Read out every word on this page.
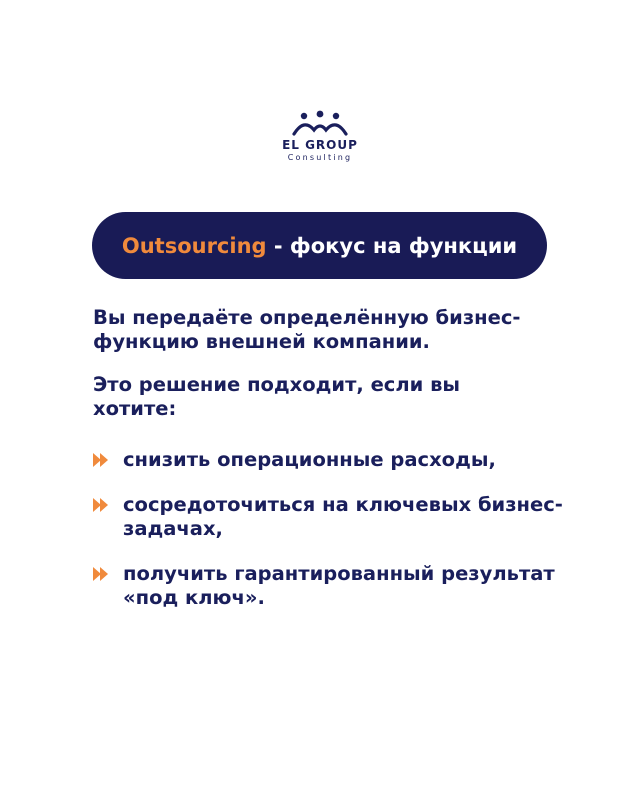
EL GROUP
Consulting
Outsourcing - фокус на функции
Вы передаёте определённую бизнес-
функцию внешней компании.
Это решение подходит, если вы
хотите:
снизить операционные расходы,
сосредоточиться на ключевых бизнес-
задачах,
получить гарантированный результат
«под ключ».
